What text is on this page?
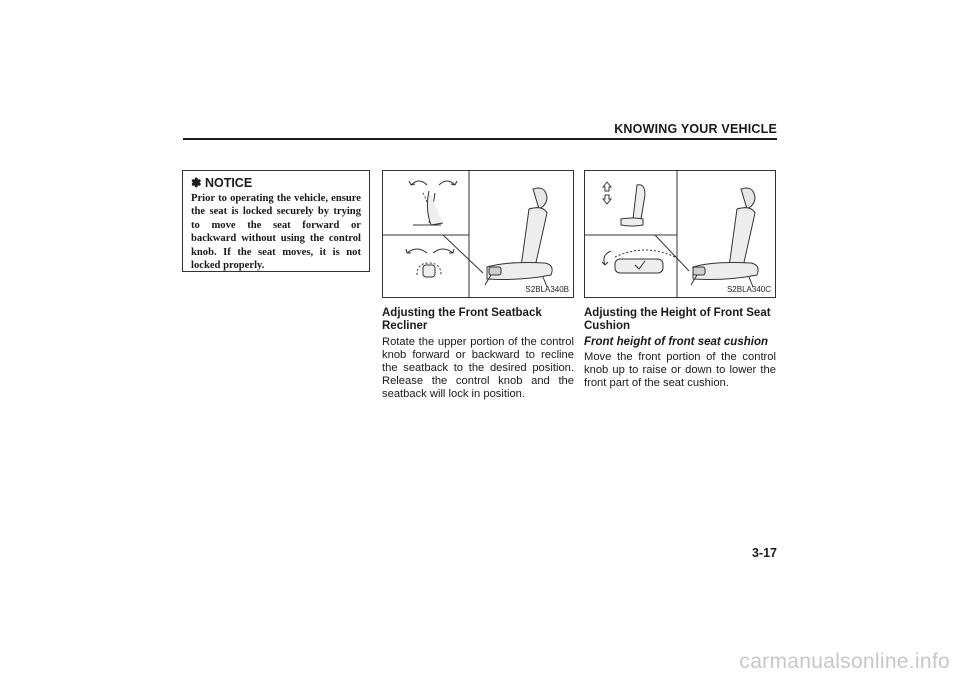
KNOWING YOUR VEHICLE

✽ NOTICE

Prior to operating the vehicle, ensure the seat is locked securely by trying to move the seat forward or backward without using the control knob. If the seat moves, it is not locked properly.

S2BLA340B	S2BLA340C

Adjusting the Front Seatback Recliner

Rotate the upper portion of the control knob forward or backward to recline the seatback to the desired position. Release the control knob and the seatback will lock in position.

Adjusting the Height of Front Seat Cushion

Front height of front seat cushion

Move the front portion of the control knob up to raise or down to lower the front part of the seat cushion.

3-17
carmanualsonline.info
